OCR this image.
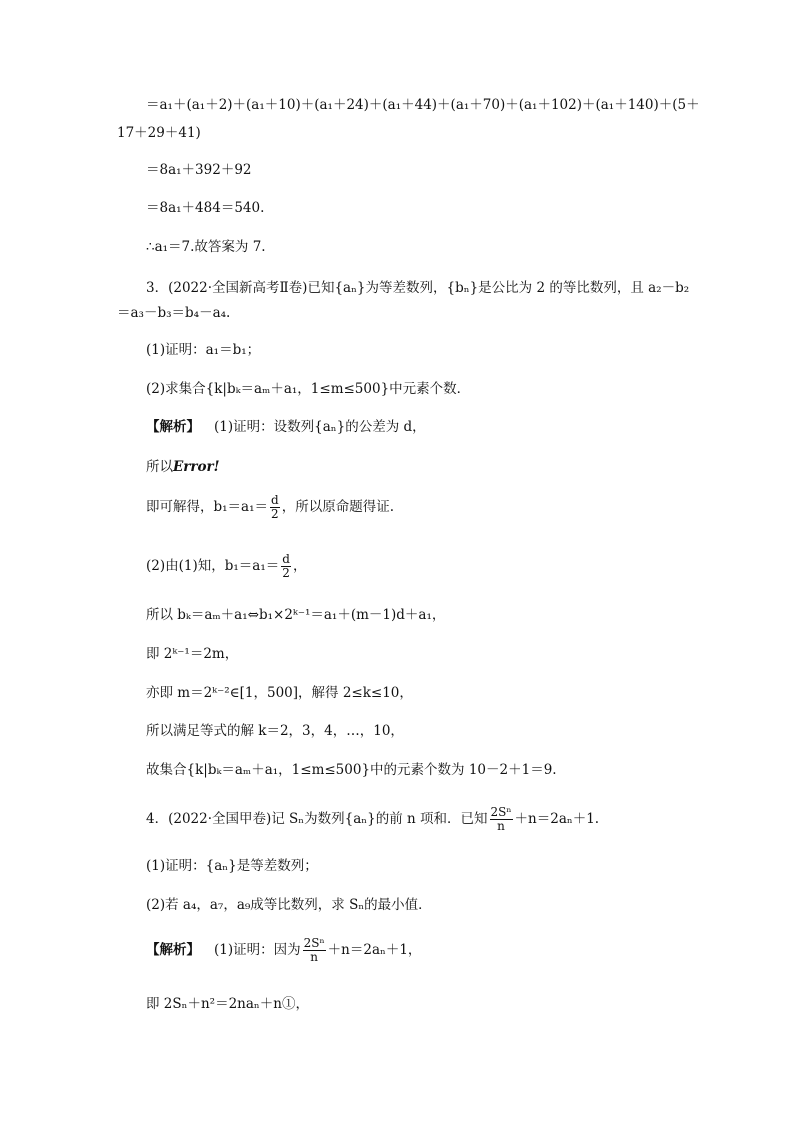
＝a₁＋(a₁＋2)＋(a₁＋10)＋(a₁＋24)＋(a₁＋44)＋(a₁＋70)＋(a₁＋102)＋(a₁＋140)＋(5＋
17＋29＋41)
＝8a₁＋392＋92
＝8a₁＋484＝540.
∴a₁＝7.故答案为 7.
3．(2022·全国新高考Ⅱ卷)已知{aₙ}为等差数列，{bₙ}是公比为 2 的等比数列，且 a₂－b₂
＝a₃－b₃＝b₄－a₄.
(1)证明：a₁＝b₁；
(2)求集合{k|bₖ＝aₘ＋a₁，1≤m≤500}中元素个数．
【解析】 (1)证明：设数列{aₙ}的公差为 d，
所以Error!
即可解得，$b_1=a_1= \frac{d}{2}$ ，所以原命题得证.
(2)由(1)知，$b_1=a_1= \frac{d}{2}$ ，
所以 bₖ＝aₘ＋a₁⇔b₁×2ᵏ⁻¹＝a₁＋(m－1)d＋a₁，
即 2ᵏ⁻¹＝2m，
亦即 m＝2ᵏ⁻²∈[1，500]，解得 2≤k≤10，
所以满足等式的解 k＝2，3，4，…，10，
故集合{k|bₖ＝aₘ＋a₁，1≤m≤500}中的元素个数为 10－2＋1＝9.
4．(2022·全国甲卷)记 Sₙ为数列{aₙ}的前 n 项和．已知 $\frac{\text{2Sⁿ}}{n} +n=2a_n+1$.
(1)证明：{aₙ}是等差数列；
(2)若 a₄，a₇，a₉成等比数列，求 Sₙ的最小值．
【解析】 (1)证明：因为 $\frac{\text{2Sⁿ}}{n} +n=2a_n+1$，
即 2Sₙ＋n²＝2naₙ＋n①，
